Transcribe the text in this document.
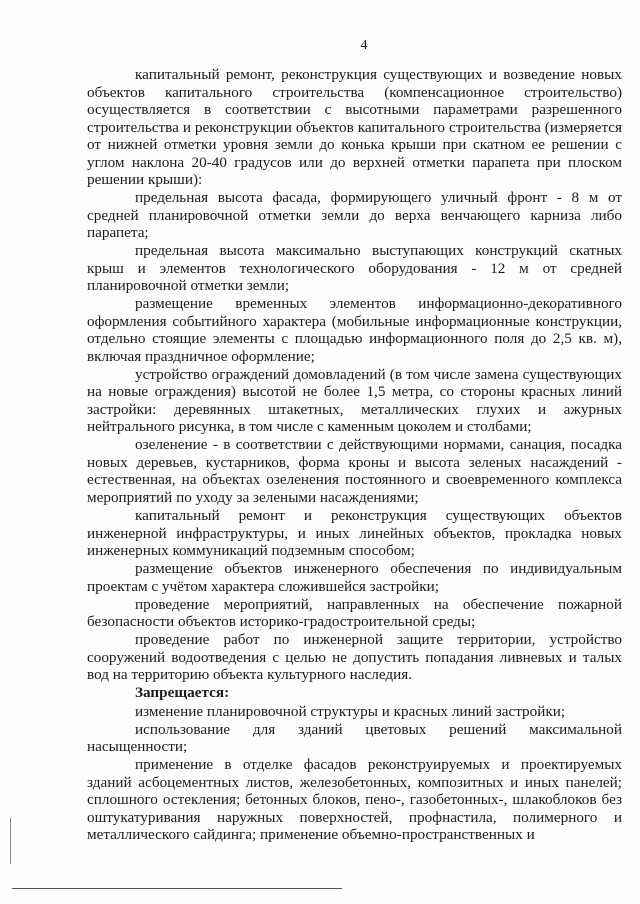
4

капитальный ремонт, реконструкция существующих и возведение новых объектов капитального строительства (компенсационное строительство) осуществляется в соответствии с высотными параметрами разрешенного строительства и реконструкции объектов капитального строительства (измеряется от нижней отметки уровня земли до конька крыши при скатном ее решении с углом наклона 20-40 градусов или до верхней отметки парапета при плоском решении крыши):

предельная высота фасада, формирующего уличный фронт - 8 м от средней планировочной отметки земли до верха венчающего карниза либо парапета;

предельная высота максимально выступающих конструкций скатных крыш и элементов технологического оборудования - 12 м от средней планировочной отметки земли;

размещение временных элементов информационно-декоративного оформления событийного характера (мобильные информационные конструкции, отдельно стоящие элементы с площадью информационного поля до 2,5 кв. м), включая праздничное оформление;

устройство ограждений домовладений (в том числе замена существующих на новые ограждения) высотой не более 1,5 метра, со стороны красных линий застройки: деревянных штакетных, металлических глухих и ажурных нейтрального рисунка, в том числе с каменным цоколем и столбами;

озеленение - в соответствии с действующими нормами, санация, посадка новых деревьев, кустарников, форма кроны и высота зеленых насаждений - естественная, на объектах озеленения постоянного и своевременного комплекса мероприятий по уходу за зелеными насаждениями;

капитальный ремонт и реконструкция существующих объектов инженерной инфраструктуры, и иных линейных объектов, прокладка новых инженерных коммуникаций подземным способом;

размещение объектов инженерного обеспечения по индивидуальным проектам с учётом характера сложившейся застройки;

проведение мероприятий, направленных на обеспечение пожарной безопасности объектов историко-градостроительной среды;

проведение работ по инженерной защите территории, устройство сооружений водоотведения с целью не допустить попадания ливневых и талых вод на территорию объекта культурного наследия.

Запрещается:

изменение планировочной структуры и красных линий застройки;

использование для зданий цветовых решений максимальной насыщенности;

применение в отделке фасадов реконструируемых и проектируемых зданий асбоцементных листов, железобетонных, композитных и иных панелей; сплошного остекления; бетонных блоков, пено-, газобетонных-, шлакоблоков без оштукатуривания наружных поверхностей, профнастила, полимерного и металлического сайдинга; применение объемно-пространственных и
